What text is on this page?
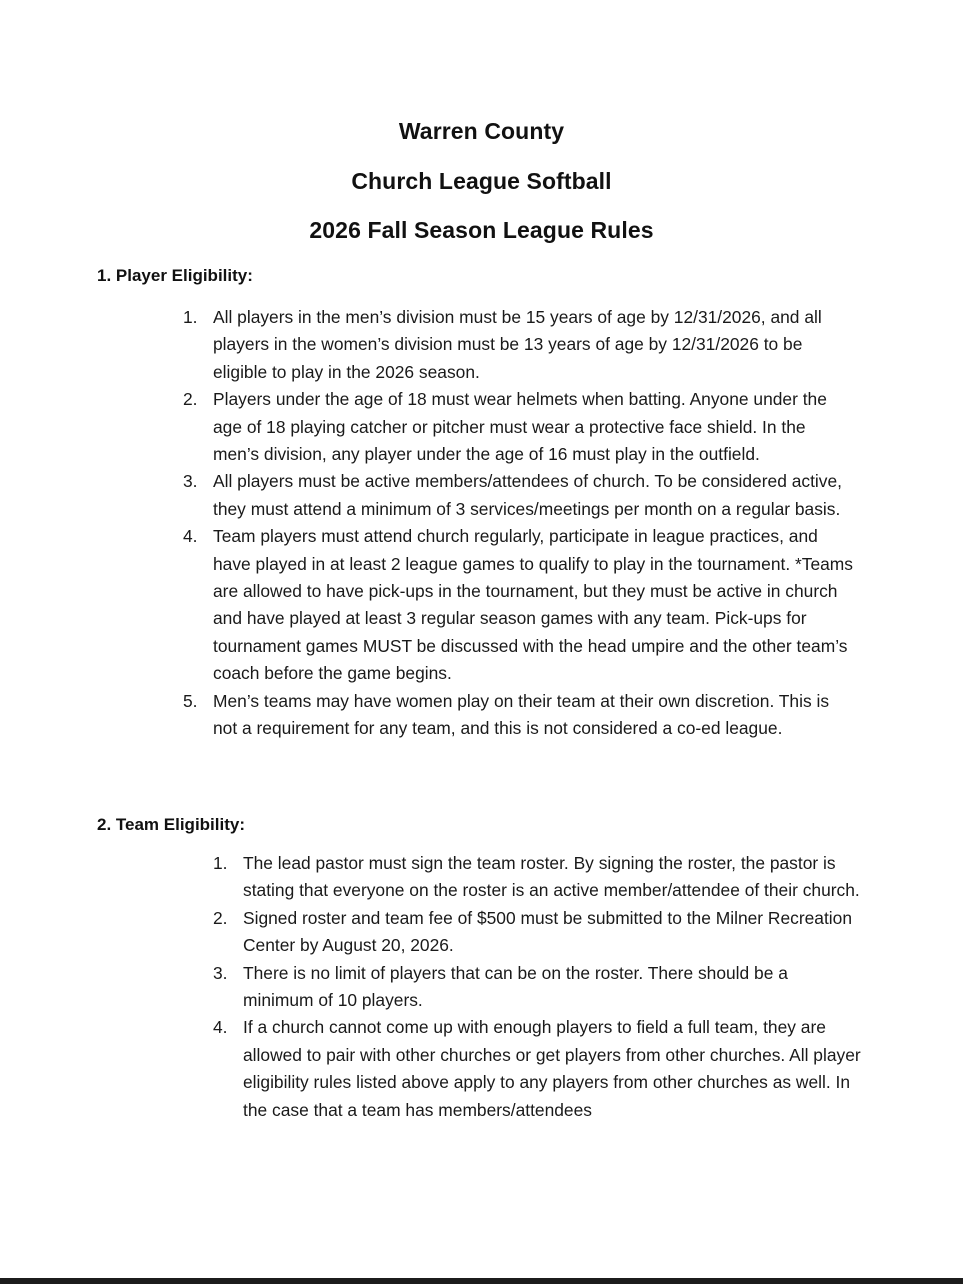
Warren County
Church League Softball
2026 Fall Season League Rules
1. Player Eligibility:
1. All players in the men’s division must be 15 years of age by 12/31/2026, and all players in the women’s division must be 13 years of age by 12/31/2026 to be eligible to play in the 2026 season.
2. Players under the age of 18 must wear helmets when batting. Anyone under the age of 18 playing catcher or pitcher must wear a protective face shield. In the men’s division, any player under the age of 16 must play in the outfield.
3. All players must be active members/attendees of church. To be considered active, they must attend a minimum of 3 services/meetings per month on a regular basis.
4. Team players must attend church regularly, participate in league practices, and have played in at least 2 league games to qualify to play in the tournament. *Teams are allowed to have pick-ups in the tournament, but they must be active in church and have played at least 3 regular season games with any team. Pick-ups for tournament games MUST be discussed with the head umpire and the other team’s coach before the game begins.
5. Men’s teams may have women play on their team at their own discretion. This is not a requirement for any team, and this is not considered a co-ed league.
2. Team Eligibility:
1. The lead pastor must sign the team roster. By signing the roster, the pastor is stating that everyone on the roster is an active member/attendee of their church.
2. Signed roster and team fee of $500 must be submitted to the Milner Recreation Center by August 20, 2026.
3. There is no limit of players that can be on the roster. There should be a minimum of 10 players.
4. If a church cannot come up with enough players to field a full team, they are allowed to pair with other churches or get players from other churches. All player eligibility rules listed above apply to any players from other churches as well. In the case that a team has members/attendees
